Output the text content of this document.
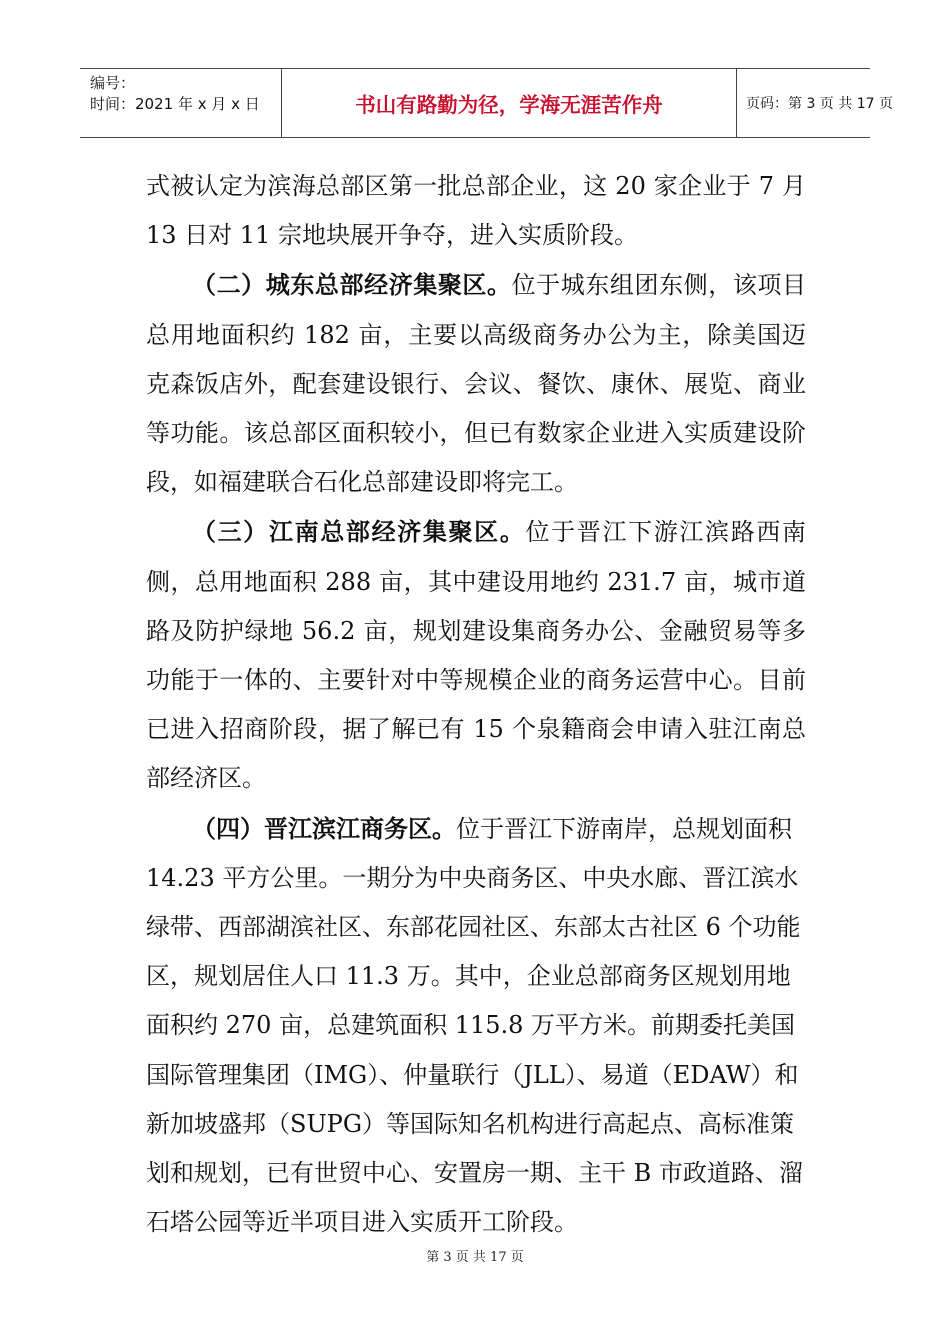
编号：
时间：2021 年 x 月 x 日	书山有路勤为径，学海无涯苦作舟	页码：第 3 页 共 17 页

式被认定为滨海总部区第一批总部企业，这 20 家企业于 7 月 13 日对 11 宗地块展开争夺，进入实质阶段。

（二）城东总部经济集聚区。位于城东组团东侧，该项目总用地面积约 182 亩，主要以高级商务办公为主，除美国迈克森饭店外，配套建设银行、会议、餐饮、康休、展览、商业等功能。该总部区面积较小，但已有数家企业进入实质建设阶段，如福建联合石化总部建设即将完工。

（三）江南总部经济集聚区。位于晋江下游江滨路西南侧，总用地面积 288 亩，其中建设用地约 231.7 亩，城市道路及防护绿地 56.2 亩，规划建设集商务办公、金融贸易等多功能于一体的、主要针对中等规模企业的商务运营中心。目前已进入招商阶段，据了解已有 15 个泉籍商会申请入驻江南总部经济区。

（四）晋江滨江商务区。位于晋江下游南岸，总规划面积 14.23 平方公里。一期分为中央商务区、中央水廊、晋江滨水绿带、西部湖滨社区、东部花园社区、东部太古社区 6 个功能区，规划居住人口 11.3 万。其中，企业总部商务区规划用地面积约 270 亩，总建筑面积 115.8 万平方米。前期委托美国国际管理集团（IMG）、仲量联行（JLL）、易道（EDAW）和新加坡盛邦（SUPG）等国际知名机构进行高起点、高标准策划和规划，已有世贸中心、安置房一期、主干 B 市政道路、溜石塔公园等近半项目进入实质开工阶段。

第 3 页 共 17 页
